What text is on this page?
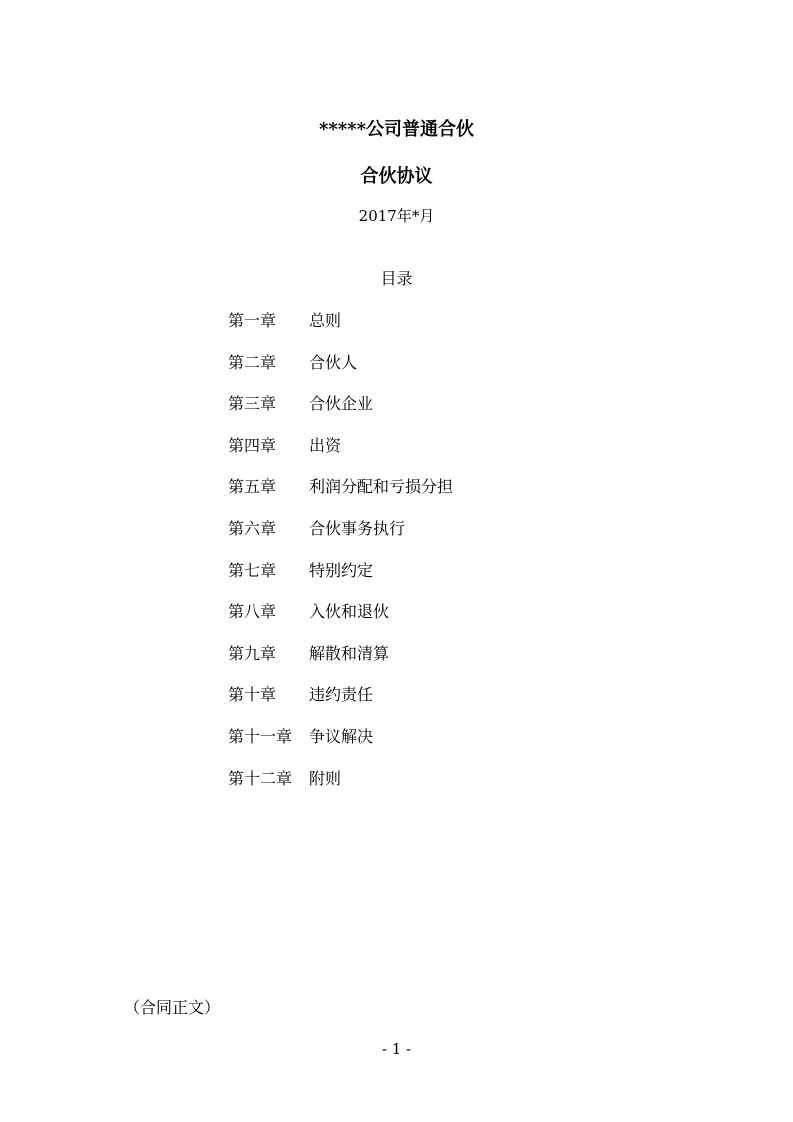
*****公司普通合伙
合伙协议
2017年*月
目录
第一章 总则
第二章 合伙人
第三章 合伙企业
第四章 出资
第五章 利润分配和亏损分担
第六章 合伙事务执行
第七章 特别约定
第八章 入伙和退伙
第九章 解散和清算
第十章 违约责任
第十一章 争议解决
第十二章 附则
（合同正文）
- 1 -
